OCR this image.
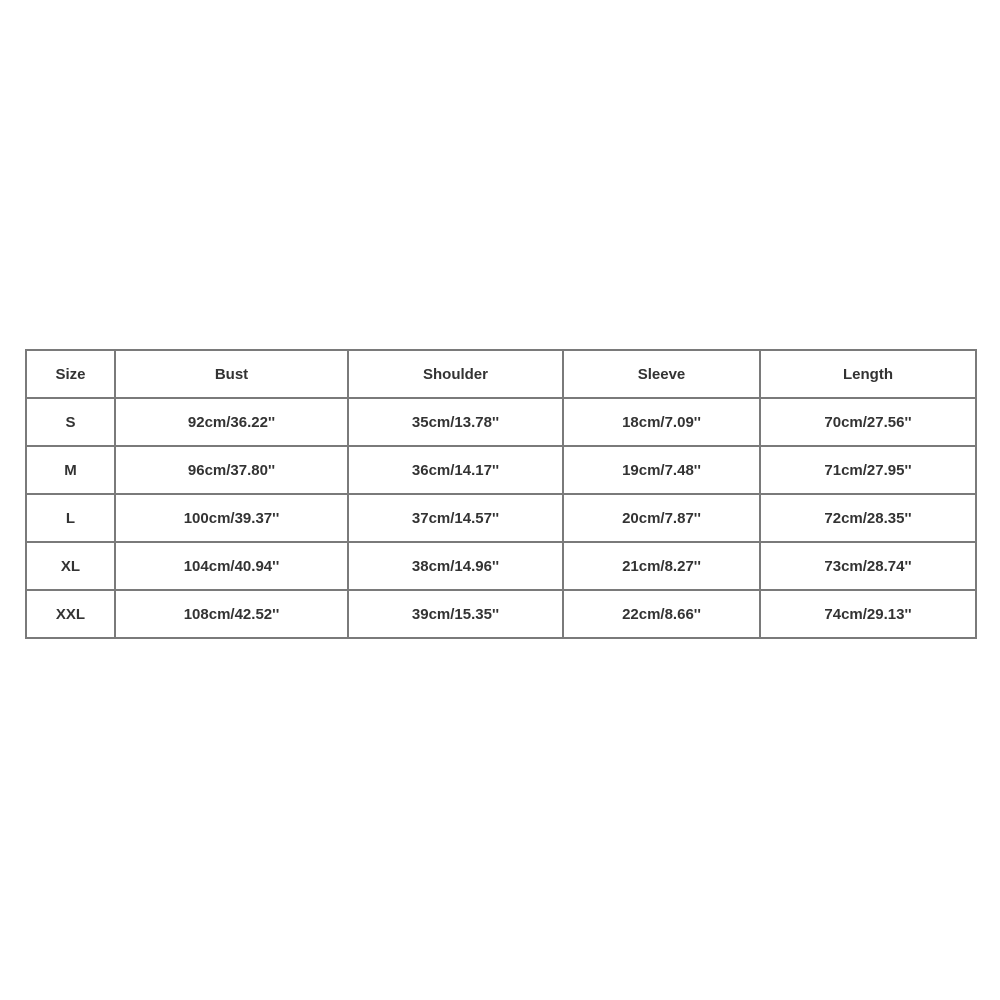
Size	Bust	Shoulder	Sleeve	Length
S	92cm/36.22''	35cm/13.78''	18cm/7.09''	70cm/27.56''
M	96cm/37.80''	36cm/14.17''	19cm/7.48''	71cm/27.95''
L	100cm/39.37''	37cm/14.57''	20cm/7.87''	72cm/28.35''
XL	104cm/40.94''	38cm/14.96''	21cm/8.27''	73cm/28.74''
XXL	108cm/42.52''	39cm/15.35''	22cm/8.66''	74cm/29.13''
